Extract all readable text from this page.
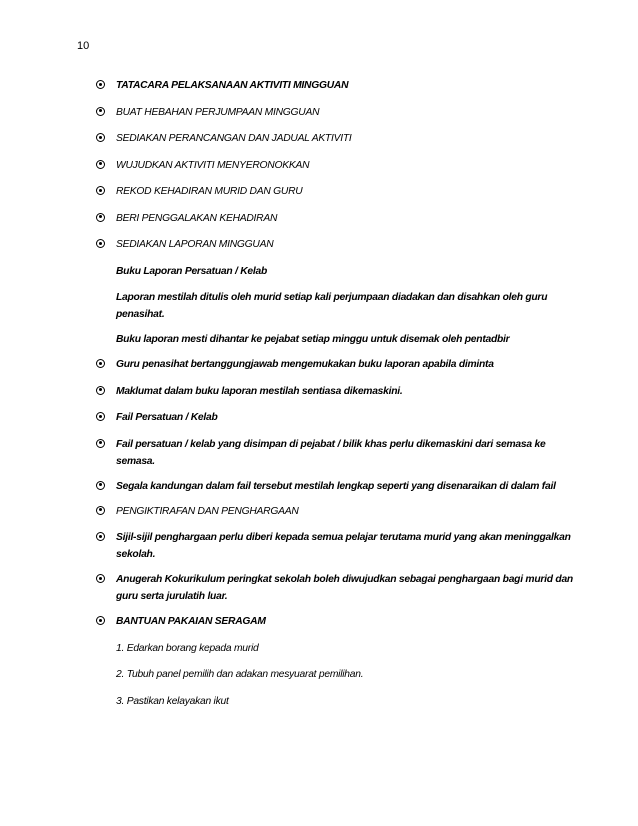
10
TATACARA PELAKSANAAN AKTIVITI MINGGUAN
BUAT HEBAHAN PERJUMPAAN MINGGUAN
SEDIAKAN PERANCANGAN DAN JADUAL AKTIVITI
WUJUDKAN AKTIVITI MENYERONOKKAN
REKOD KEHADIRAN MURID DAN GURU
BERI PENGGALAKAN KEHADIRAN
SEDIAKAN LAPORAN MINGGUAN
Buku Laporan Persatuan / Kelab
Laporan mestilah ditulis oleh murid setiap kali perjumpaan diadakan dan disahkan oleh guru penasihat.
Buku laporan mesti dihantar ke pejabat setiap minggu untuk disemak oleh pentadbir
Guru penasihat bertanggungjawab mengemukakan buku laporan apabila diminta
Maklumat dalam buku laporan mestilah sentiasa dikemaskini.
Fail Persatuan / Kelab
Fail persatuan / kelab yang disimpan di pejabat / bilik khas perlu dikemaskini dari semasa ke semasa.
Segala kandungan dalam fail tersebut mestilah lengkap seperti yang disenaraikan di dalam fail
PENGIKTIRAFAN DAN PENGHARGAAN
Sijil-sijil penghargaan perlu diberi kepada semua pelajar terutama murid yang akan meninggalkan sekolah.
Anugerah Kokurikulum peringkat sekolah boleh diwujudkan sebagai penghargaan bagi murid dan guru serta jurulatih luar.
BANTUAN PAKAIAN SERAGAM
1. Edarkan borang kepada murid
2. Tubuh panel pemilih dan adakan mesyuarat pemilihan.
3. Pastikan kelayakan ikut
